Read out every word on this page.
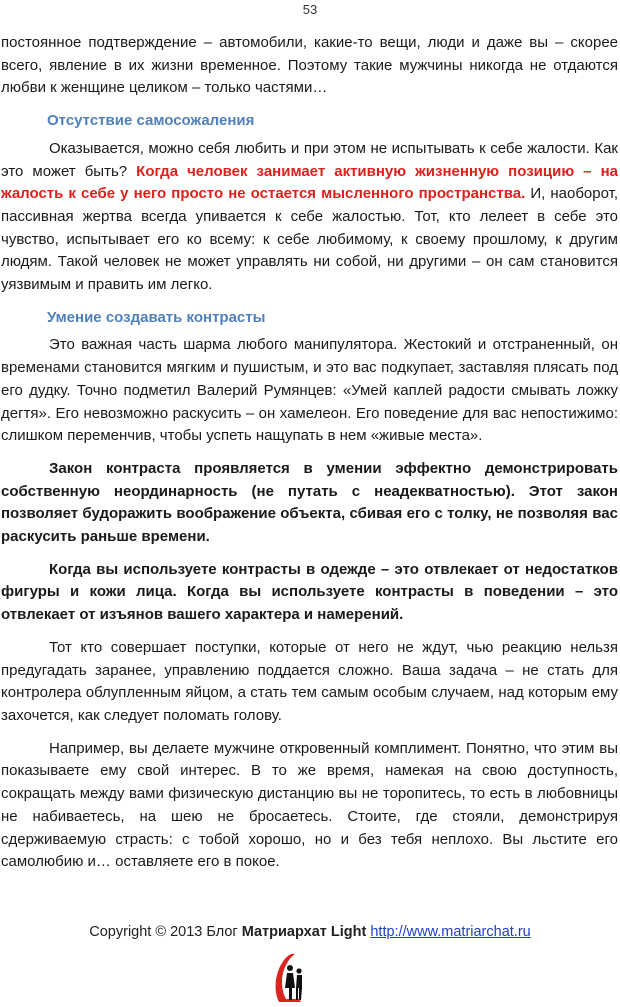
53

постоянное подтверждение – автомобили, какие-то вещи, люди и даже вы – скорее всего, явление в их жизни временное. Поэтому такие мужчины никогда не отдаются любви к женщине целиком – только частями…

Отсутствие самосожаления

Оказывается, можно себя любить и при этом не испытывать к себе жалости. Как это может быть? Когда человек занимает активную жизненную позицию – на жалость к себе у него просто не остается мысленного пространства. И, наоборот, пассивная жертва всегда упивается к себе жалостью. Тот, кто лелеет в себе это чувство, испытывает его ко всему: к себе любимому, к своему прошлому, к другим людям. Такой человек не может управлять ни собой, ни другими – он сам становится уязвимым и править им легко.

Умение создавать контрасты

Это важная часть шарма любого манипулятора. Жестокий и отстраненный, он временами становится мягким и пушистым, и это вас подкупает, заставляя плясать под его дудку. Точно подметил Валерий Румянцев: «Умей каплей радости смывать ложку дегтя». Его невозможно раскусить – он хамелеон. Его поведение для вас непостижимо: слишком переменчив, чтобы успеть нащупать в нем «живые места».

Закон контраста проявляется в умении эффектно демонстрировать собственную неординарность (не путать с неадекватностью). Этот закон позволяет будоражить воображение объекта, сбивая его с толку, не позволяя вас раскусить раньше времени.

Когда вы используете контрасты в одежде – это отвлекает от недостатков фигуры и кожи лица. Когда вы используете контрасты в поведении – это отвлекает от изъянов вашего характера и намерений.

Тот кто совершает поступки, которые от него не ждут, чью реакцию нельзя предугадать заранее, управлению поддается сложно. Ваша задача – не стать для контролера облупленным яйцом, а стать тем самым особым случаем, над которым ему захочется, как следует поломать голову.

Например, вы делаете мужчине откровенный комплимент. Понятно, что этим вы показываете ему свой интерес. В то же время, намекая на свою доступность, сокращать между вами физическую дистанцию вы не торопитесь, то есть в любовницы не набиваетесь, на шею не бросаетесь. Стоите, где стояли, демонстрируя сдерживаемую страсть: с тобой хорошо, но и без тебя неплохо. Вы льстите его самолюбию и… оставляете его в покое.

Copyright © 2013 Блог Матриархат Light http://www.matriarchat.ru
